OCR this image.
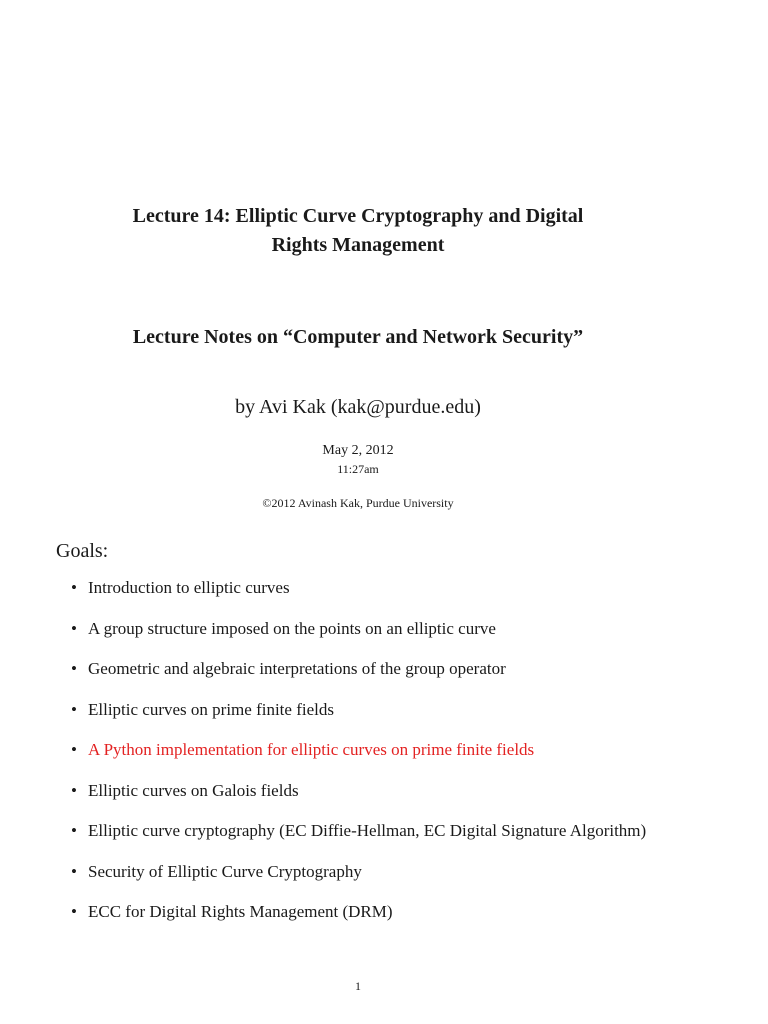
Lecture 14: Elliptic Curve Cryptography and Digital
Rights Management
Lecture Notes on “Computer and Network Security”
by Avi Kak (kak@purdue.edu)
May 2, 2012
11:27am
©2012 Avinash Kak, Purdue University
Goals:
• Introduction to elliptic curves
• A group structure imposed on the points on an elliptic curve
• Geometric and algebraic interpretations of the group operator
• Elliptic curves on prime finite fields
• A Python implementation for elliptic curves on prime finite fields
• Elliptic curves on Galois fields
• Elliptic curve cryptography (EC Diffie-Hellman, EC Digital Signature Algorithm)
• Security of Elliptic Curve Cryptography
• ECC for Digital Rights Management (DRM)
1
